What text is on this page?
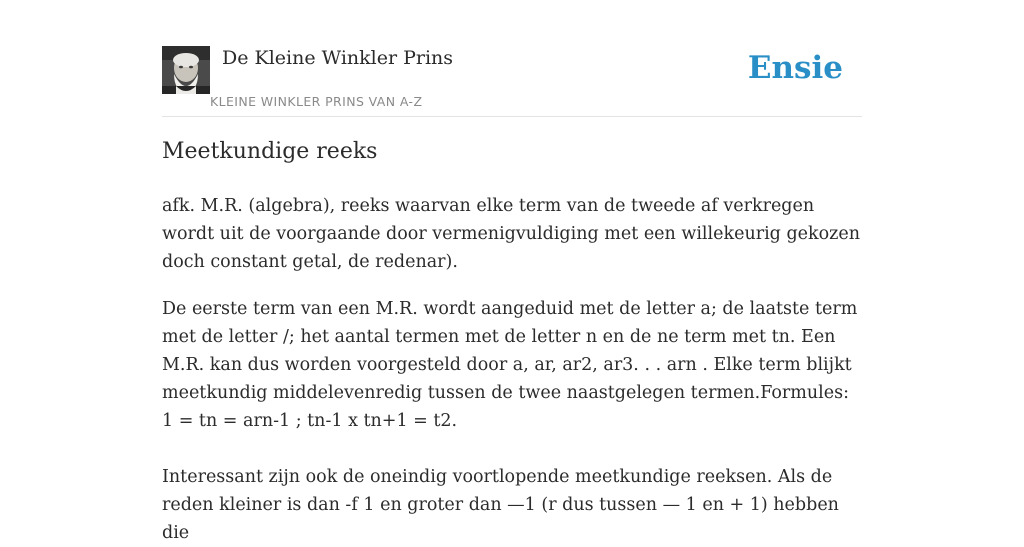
De Kleine Winkler Prins
KLEINE WINKLER PRINS VAN A-Z
Ensie
Meetkundige reeks
afk. M.R. (algebra), reeks waarvan elke term van de tweede af verkregen wordt uit de voorgaande door vermenigvuldiging met een willekeurig gekozen doch constant getal, de redenar).
De eerste term van een M.R. wordt aangeduid met de letter a; de laatste term met de letter /; het aantal termen met de letter n en de ne term met tn. Een M.R. kan dus worden voorgesteld door a, ar, ar2, ar3. . . arn . Elke term blijkt meetkundig middelevenredig tussen de twee naastgelegen termen.Formules: 1 = tn = arn-1 ; tn-1 x tn+1 = t2.
Interessant zijn ook de oneindig voortlopende meetkundige reeksen. Als de reden kleiner is dan -f 1 en groter dan —1 (r dus tussen — 1 en + 1) hebben die
